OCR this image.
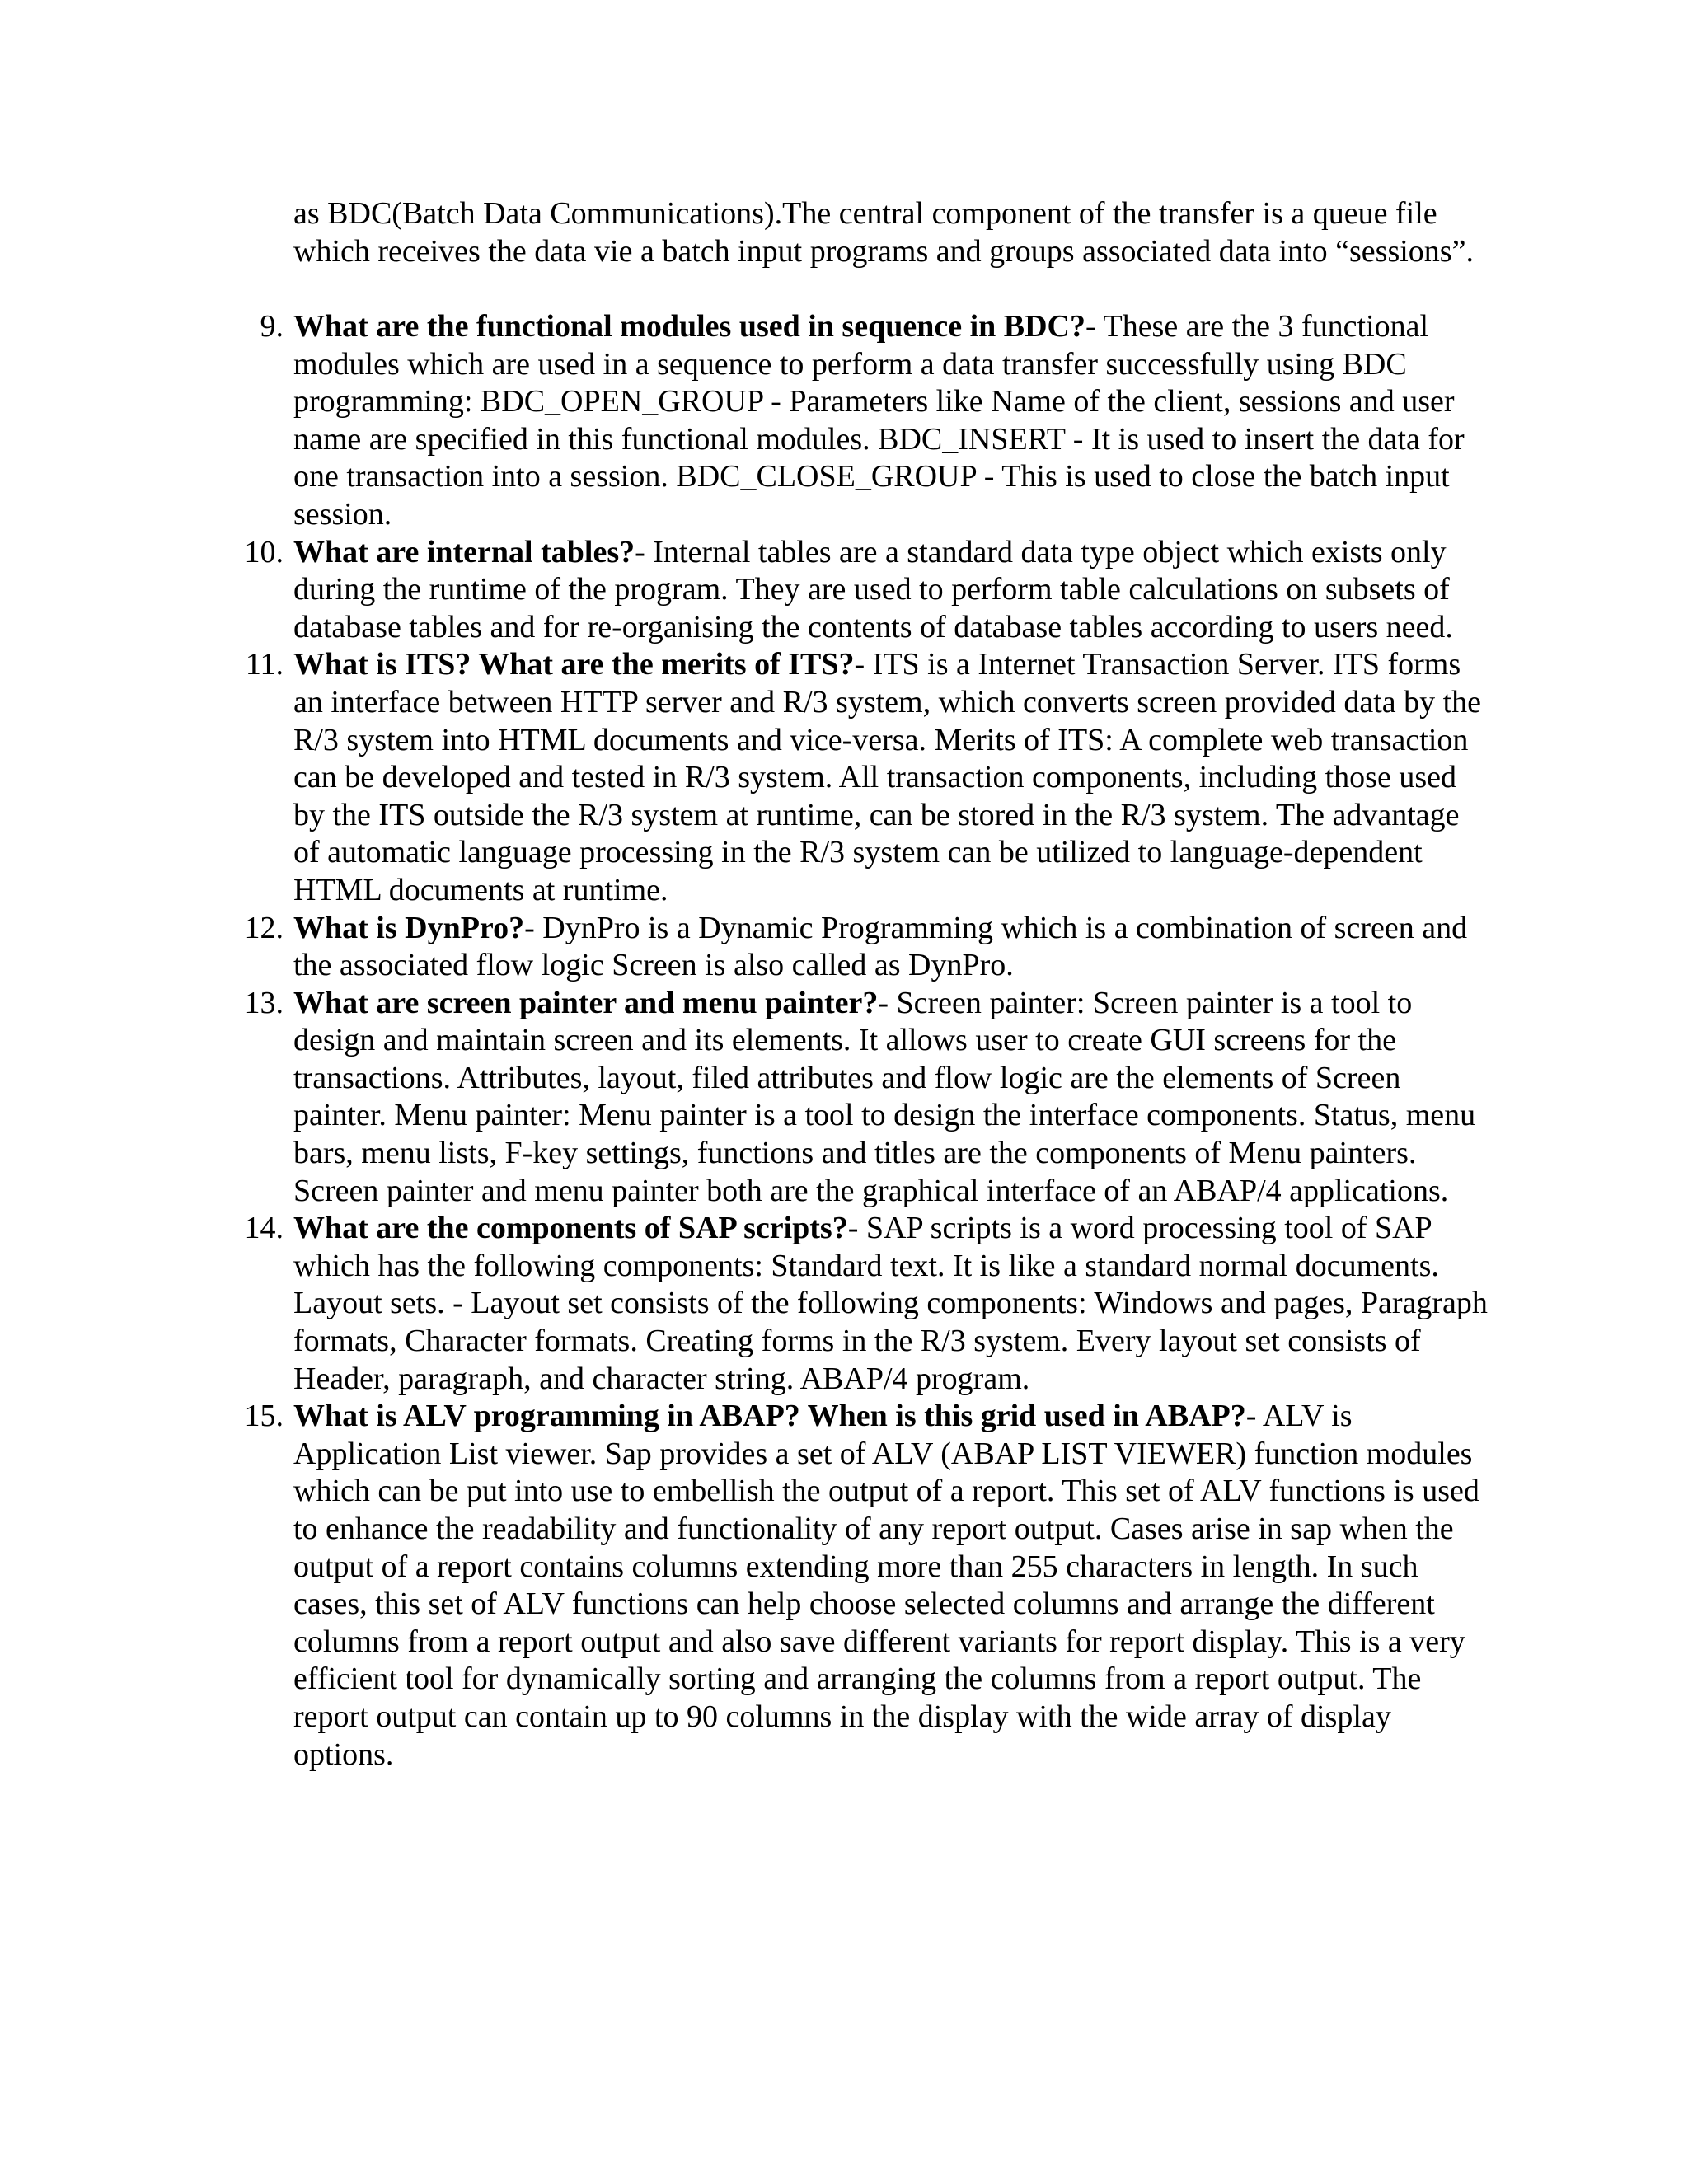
as BDC(Batch Data Communications).The central component of the transfer is a queue file which receives the data vie a batch input programs and groups associated data into “sessions”.
9. What are the functional modules used in sequence in BDC?- These are the 3 functional modules which are used in a sequence to perform a data transfer successfully using BDC programming: BDC_OPEN_GROUP - Parameters like Name of the client, sessions and user name are specified in this functional modules. BDC_INSERT - It is used to insert the data for one transaction into a session. BDC_CLOSE_GROUP - This is used to close the batch input session.
10. What are internal tables?- Internal tables are a standard data type object which exists only during the runtime of the program. They are used to perform table calculations on subsets of database tables and for re-organising the contents of database tables according to users need.
11. What is ITS? What are the merits of ITS?- ITS is a Internet Transaction Server. ITS forms an interface between HTTP server and R/3 system, which converts screen provided data by the R/3 system into HTML documents and vice-versa. Merits of ITS: A complete web transaction can be developed and tested in R/3 system. All transaction components, including those used by the ITS outside the R/3 system at runtime, can be stored in the R/3 system. The advantage of automatic language processing in the R/3 system can be utilized to language-dependent HTML documents at runtime.
12. What is DynPro?- DynPro is a Dynamic Programming which is a combination of screen and the associated flow logic Screen is also called as DynPro.
13. What are screen painter and menu painter?- Screen painter: Screen painter is a tool to design and maintain screen and its elements. It allows user to create GUI screens for the transactions. Attributes, layout, filed attributes and flow logic are the elements of Screen painter. Menu painter: Menu painter is a tool to design the interface components. Status, menu bars, menu lists, F-key settings, functions and titles are the components of Menu painters. Screen painter and menu painter both are the graphical interface of an ABAP/4 applications.
14. What are the components of SAP scripts?- SAP scripts is a word processing tool of SAP which has the following components: Standard text. It is like a standard normal documents. Layout sets. - Layout set consists of the following components: Windows and pages, Paragraph formats, Character formats. Creating forms in the R/3 system. Every layout set consists of Header, paragraph, and character string. ABAP/4 program.
15. What is ALV programming in ABAP? When is this grid used in ABAP?- ALV is Application List viewer. Sap provides a set of ALV (ABAP LIST VIEWER) function modules which can be put into use to embellish the output of a report. This set of ALV functions is used to enhance the readability and functionality of any report output. Cases arise in sap when the output of a report contains columns extending more than 255 characters in length. In such cases, this set of ALV functions can help choose selected columns and arrange the different columns from a report output and also save different variants for report display. This is a very efficient tool for dynamically sorting and arranging the columns from a report output. The report output can contain up to 90 columns in the display with the wide array of display options.
